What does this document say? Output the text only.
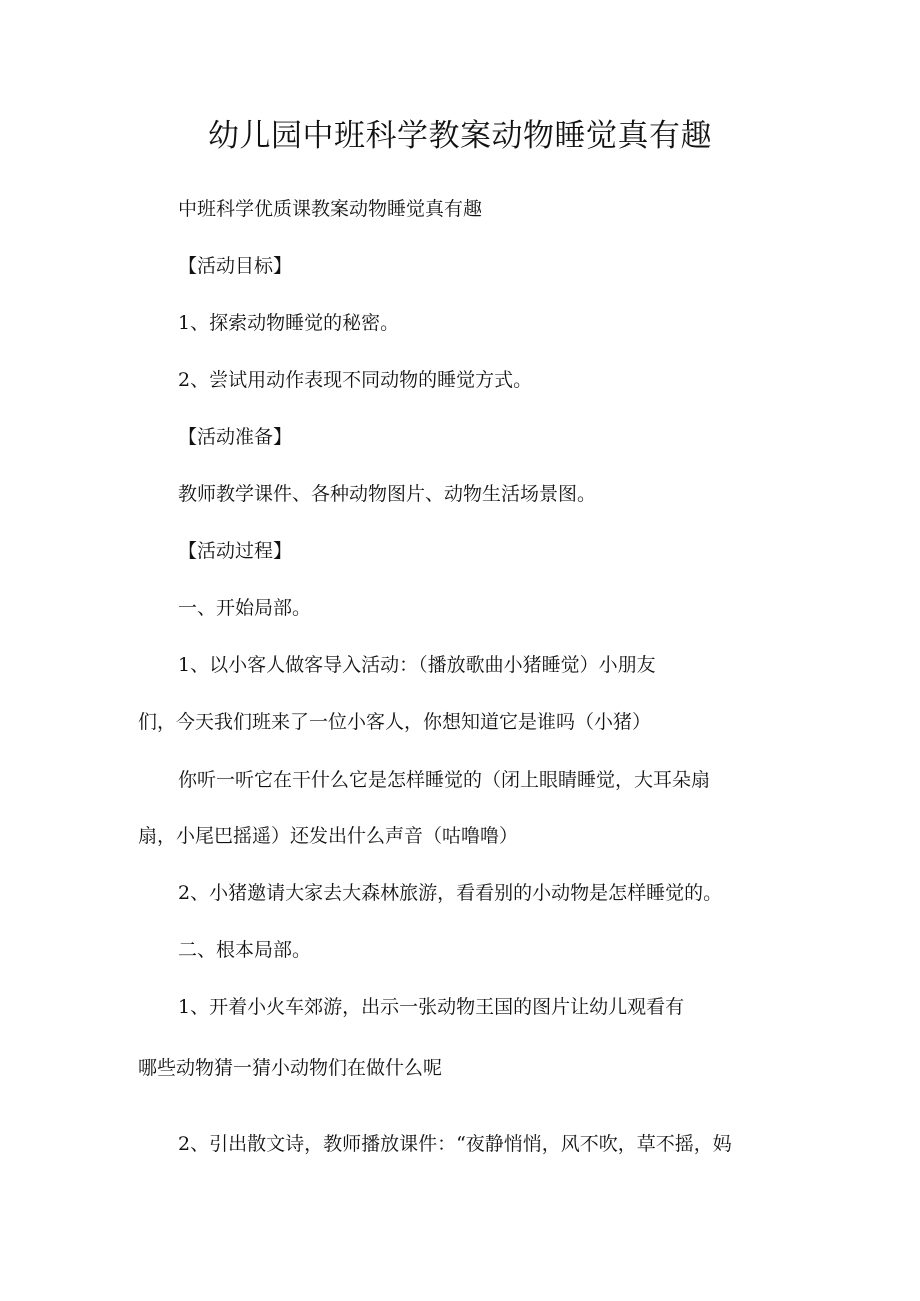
幼儿园中班科学教案动物睡觉真有趣

中班科学优质课教案动物睡觉真有趣

【活动目标】

1、探索动物睡觉的秘密。

2、尝试用动作表现不同动物的睡觉方式。

【活动准备】

教师教学课件、各种动物图片、动物生活场景图。

【活动过程】

一、开始局部。

1、以小客人做客导入活动：（播放歌曲小猪睡觉）小朋友

们，今天我们班来了一位小客人，你想知道它是谁吗（小猪）

你听一听它在干什么它是怎样睡觉的（闭上眼睛睡觉，大耳朵扇

扇，小尾巴摇遥）还发出什么声音（咕噜噜）

2、小猪邀请大家去大森林旅游，看看别的小动物是怎样睡觉的。

二、根本局部。

1、开着小火车郊游，出示一张动物王国的图片让幼儿观看有

哪些动物猜一猜小动物们在做什么呢

2、引出散文诗，教师播放课件：“夜静悄悄，风不吹，草不摇，妈
